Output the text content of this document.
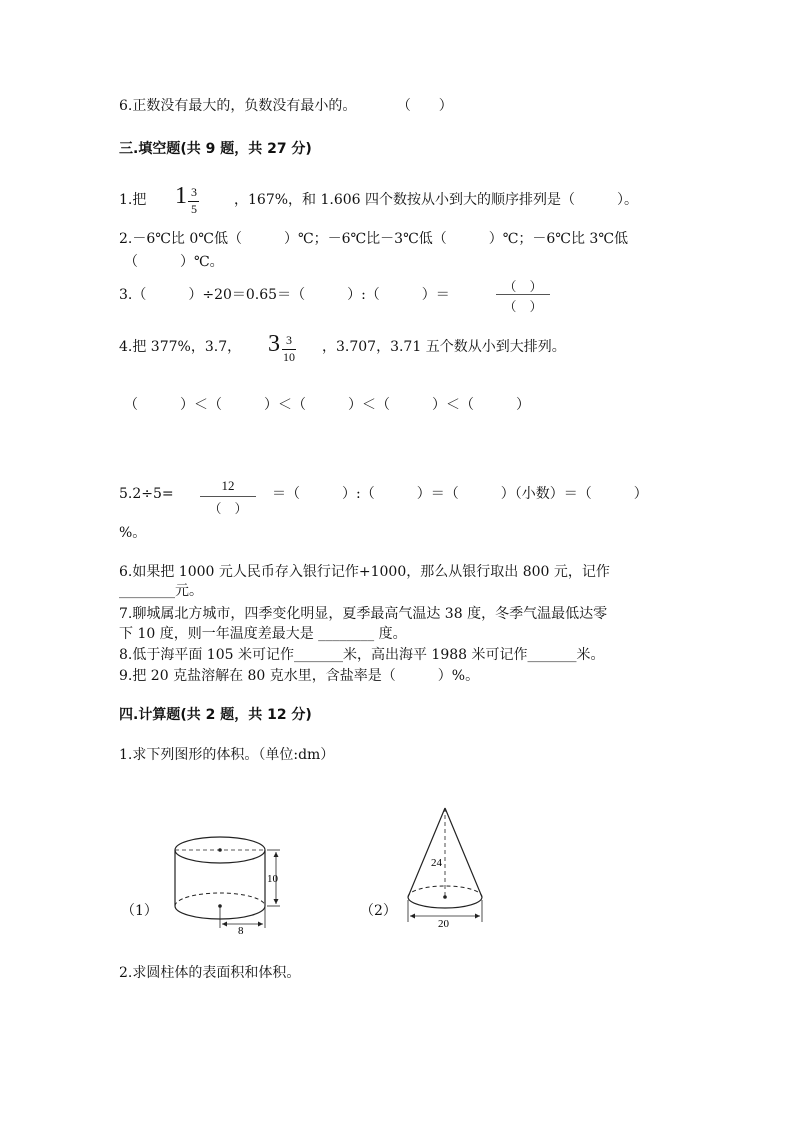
6.正数没有最大的，负数没有最小的。	（　　）
三.填空题(共 9 题，共 27 分)
1.把 1 3
5
，167%，和 1.606 四个数按从小到大的顺序排列是（　　　）。
2.－6℃比 0℃低（　　　）℃；－6℃比－3℃低（　　　）℃；－6℃比 3℃低
（　　　）℃。
3.（　　　）÷20＝0.65＝（　　　）:（　　　）＝
（　）
（　）
4.把 377%，3.7， 3 3
10
，3.707，3.71 五个数从小到大排列。
（　　　）＜（　　　）＜（　　　）＜（　　　）＜（　　　）
5.2÷5=
12
（　）
＝（　　　）:（　　　）＝（　　　）（小数）＝（　　　）
%。
6.如果把 1000 元人民币存入银行记作+1000，那么从银行取出 800 元，记作
________元。
7.聊城属北方城市，四季变化明显，夏季最高气温达 38 度，冬季气温最低达零
下 10 度，则一年温度差最大是 ________ 度。
8.低于海平面 105 米可记作_______米，高出海平 1988 米可记作_______米。
9.把 20 克盐溶解在 80 克水里，含盐率是（　　　）%。
四.计算题(共 2 题，共 12 分)
1.求下列图形的体积。（单位:dm）
（1）
10
8
（2）
24
20
2.求圆柱体的表面积和体积。
